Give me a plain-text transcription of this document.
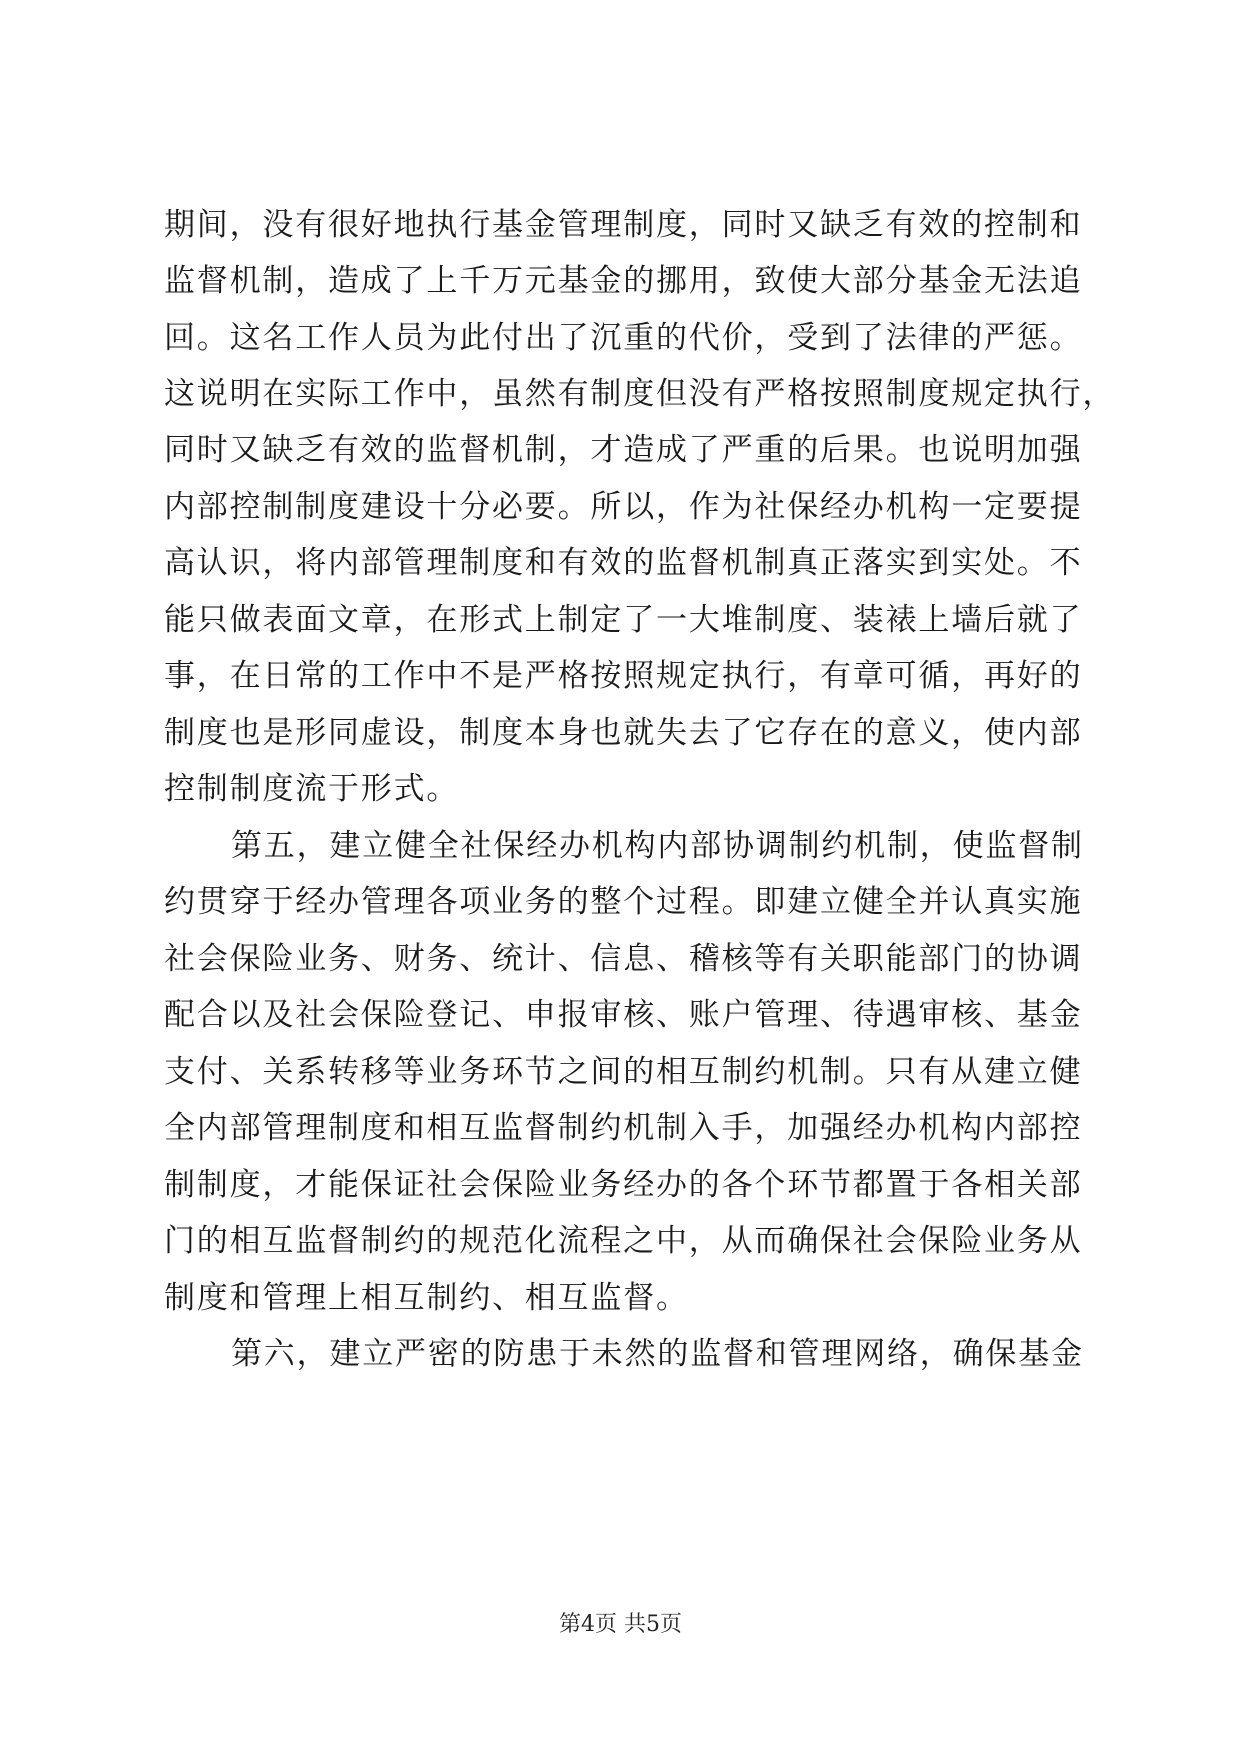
期间，没有很好地执行基金管理制度，同时又缺乏有效的控制和
监督机制，造成了上千万元基金的挪用，致使大部分基金无法追
回。这名工作人员为此付出了沉重的代价，受到了法律的严惩。
这说明在实际工作中，虽然有制度但没有严格按照制度规定执行，
同时又缺乏有效的监督机制，才造成了严重的后果。也说明加强
内部控制制度建设十分必要。所以，作为社保经办机构一定要提
高认识，将内部管理制度和有效的监督机制真正落实到实处。不
能只做表面文章，在形式上制定了一大堆制度、装裱上墙后就了
事，在日常的工作中不是严格按照规定执行，有章可循，再好的
制度也是形同虚设，制度本身也就失去了它存在的意义，使内部
控制制度流于形式。
第五，建立健全社保经办机构内部协调制约机制，使监督制
约贯穿于经办管理各项业务的整个过程。即建立健全并认真实施
社会保险业务、财务、统计、信息、稽核等有关职能部门的协调
配合以及社会保险登记、申报审核、账户管理、待遇审核、基金
支付、关系转移等业务环节之间的相互制约机制。只有从建立健
全内部管理制度和相互监督制约机制入手，加强经办机构内部控
制制度，才能保证社会保险业务经办的各个环节都置于各相关部
门的相互监督制约的规范化流程之中，从而确保社会保险业务从
制度和管理上相互制约、相互监督。
第六，建立严密的防患于未然的监督和管理网络，确保基金
第4页 共5页
